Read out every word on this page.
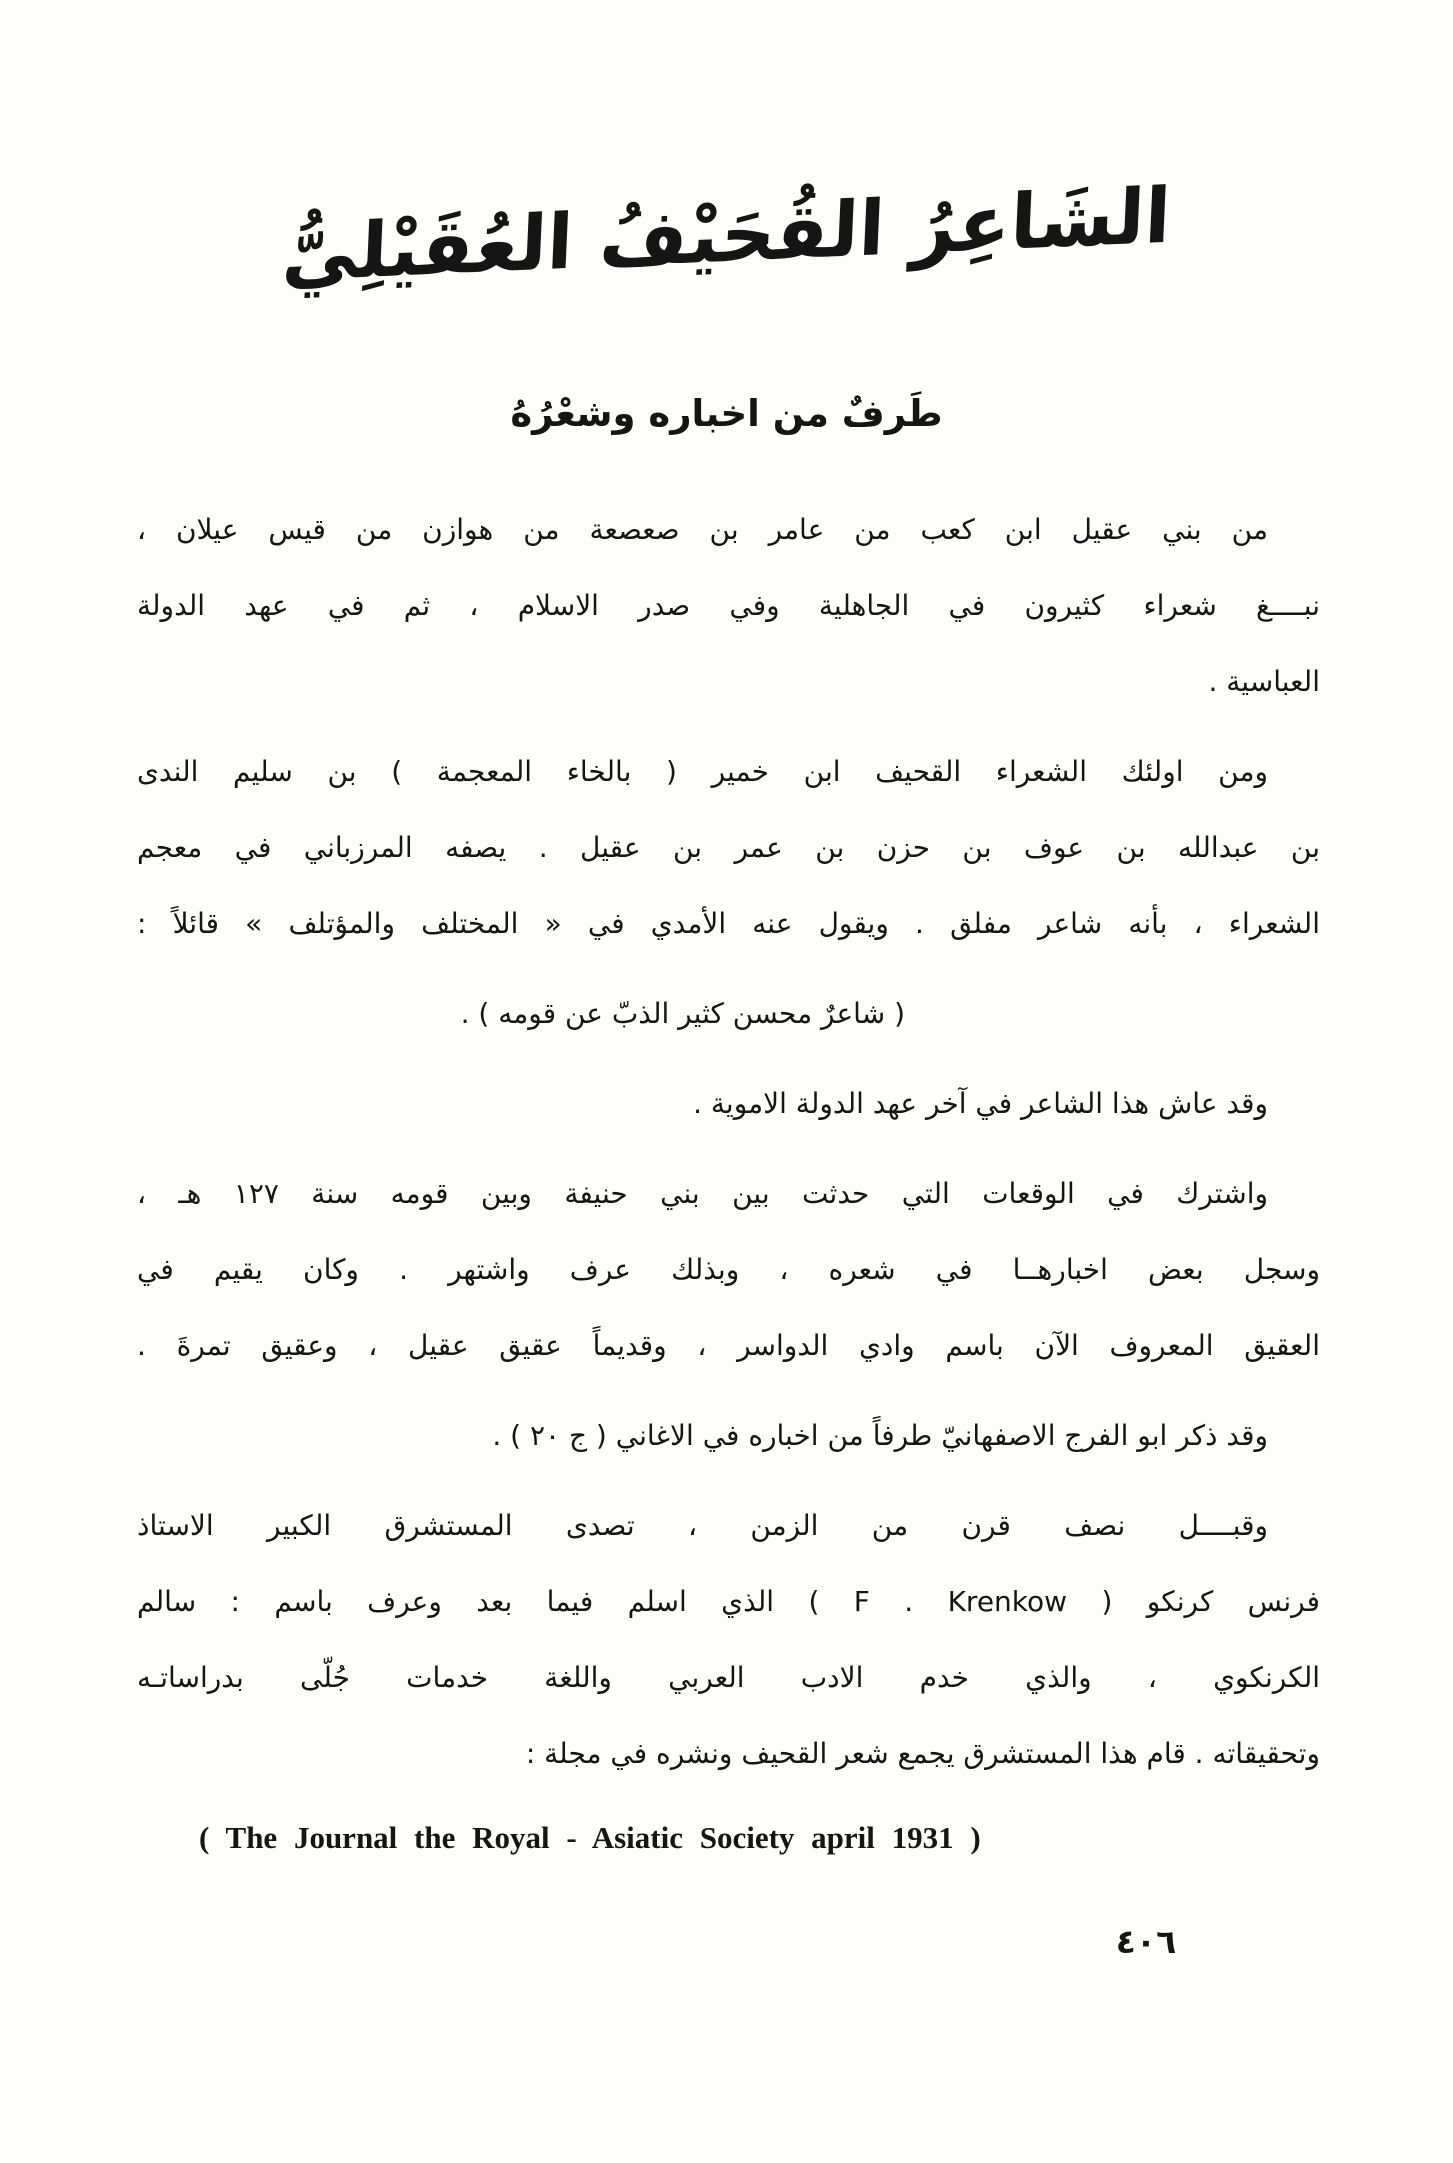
الشَاعِرُ القُحَيْفُ العُقَيْلِيُّ
طَرفٌ من اخباره وشعْرُهُ
من بني عقيل ابن كعب من عامر بن صعصعة من هوازن من قيس عيلان ،
نبــــغ شعراء كثيرون في الجاهلية وفي صدر الاسلام ، ثم في عهد الدولة
العباسية .
ومن اولئك الشعراء القحيف ابن خمير ( بالخاء المعجمة ) بن سليم الندى
بن عبدالله بن عوف بن حزن بن عمر بن عقيل . يصفه المرزباني في معجم
الشعراء ، بأنه شاعر مفلق . ويقول عنه الأمدي في « المختلف والمؤتلف » قائلاً :
( شاعرٌ محسن كثير الذبّ عن قومه ) .
وقد عاش هذا الشاعر في آخر عهد الدولة الاموية .
واشترك في الوقعات التي حدثت بين بني حنيفة وبين قومه سنة ١٢٧ هـ ،
وسجل بعض اخبارهــا في شعره ، وبذلك عرف واشتهر . وكان يقيم في
العقيق المعروف الآن باسم وادي الدواسر ، وقديماً عقيق عقيل ، وعقيق تمرةَ .
وقد ذكر ابو الفرج الاصفهانيّ طرفاً من اخباره في الاغاني ( ج ٢٠ ) .
وقبــــل نصف قرن من الزمن ، تصدى المستشرق الكبير الاستاذ
فرنس كرنكو ( F . Krenkow ) الذي اسلم فيما بعد وعرف باسم : سالم
الكرنكوي ، والذي خدم الادب العربي واللغة خدمات جُلّى بدراساتـه
وتحقيقاته . قام هذا المستشرق يجمع شعر القحيف ونشره في مجلة :
( The Journal the Royal - Asiatic Society april 1931 )
٤٠٦
